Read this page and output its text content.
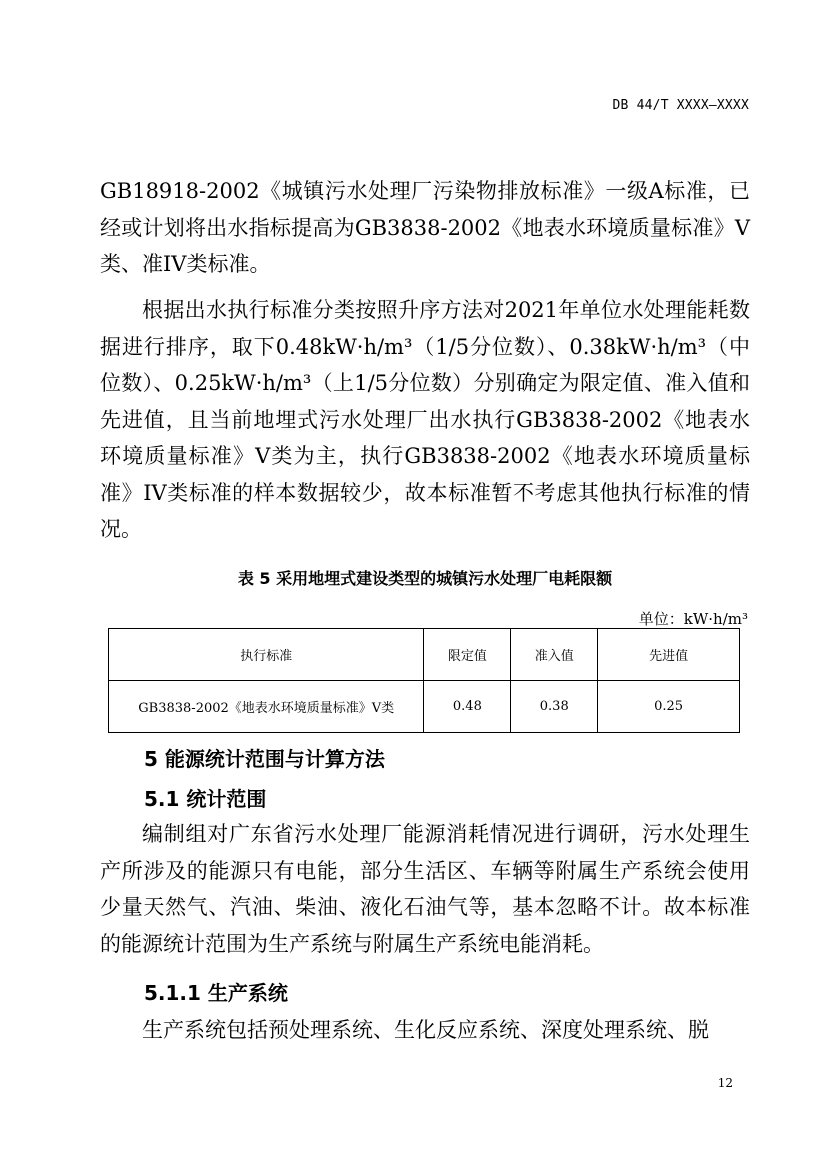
DB 44/T XXXX—XXXX
GB18918-2002《城镇污水处理厂污染物排放标准》一级A标准，已经或计划将出水指标提高为GB3838-2002《地表水环境质量标准》V类、准IV类标准。
根据出水执行标准分类按照升序方法对2021年单位水处理能耗数据进行排序，取下0.48kW·h/m³（1/5分位数）、0.38kW·h/m³（中位数）、0.25kW·h/m³（上1/5分位数）分别确定为限定值、准入值和先进值，且当前地埋式污水处理厂出水执行GB3838-2002《地表水环境质量标准》V类为主，执行GB3838-2002《地表水环境质量标准》IV类标准的样本数据较少，故本标准暂不考虑其他执行标准的情况。
表 5 采用地埋式建设类型的城镇污水处理厂电耗限额
单位：kW·h/m³
执行标准	限定值	准入值	先进值
GB3838-2002《地表水环境质量标准》V类	0.48	0.38	0.25
5 能源统计范围与计算方法
5.1 统计范围
编制组对广东省污水处理厂能源消耗情况进行调研，污水处理生产所涉及的能源只有电能，部分生活区、车辆等附属生产系统会使用少量天然气、汽油、柴油、液化石油气等，基本忽略不计。故本标准的能源统计范围为生产系统与附属生产系统电能消耗。
5.1.1 生产系统
生产系统包括预处理系统、生化反应系统、深度处理系统、脱
12
